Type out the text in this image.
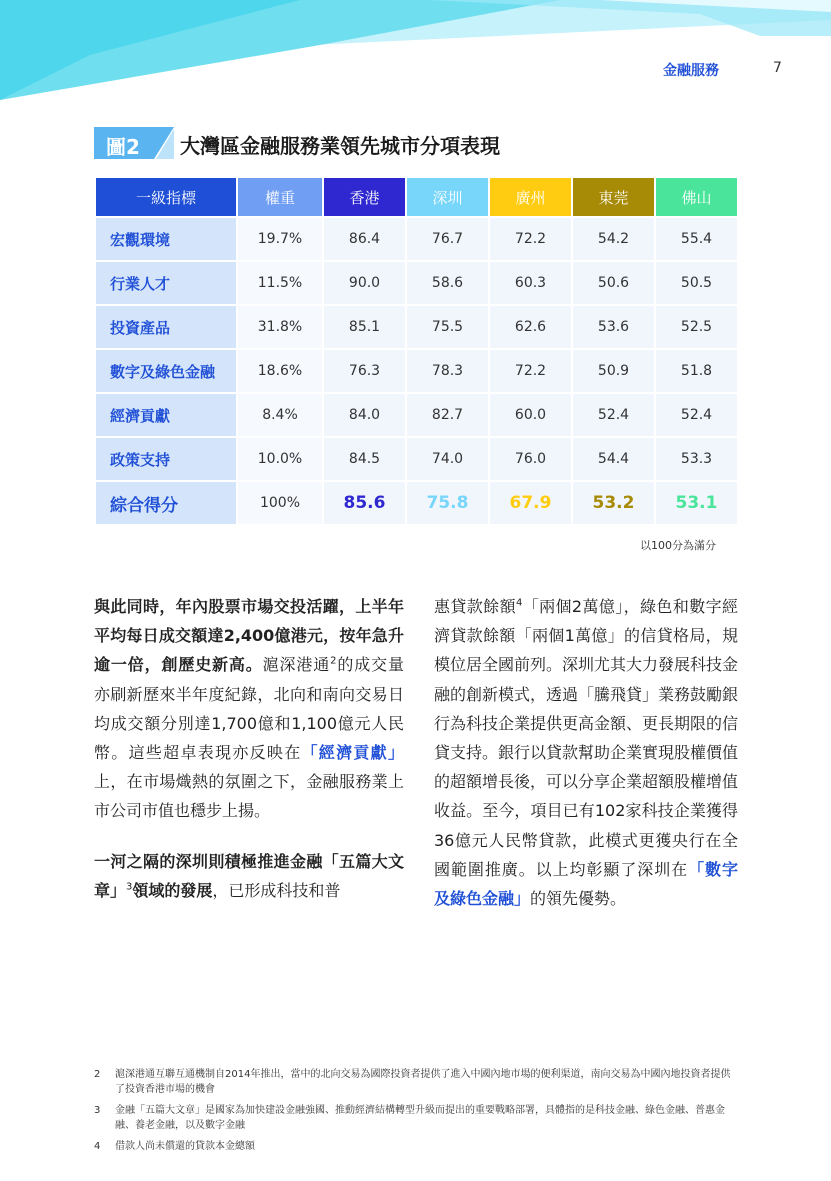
金融服務	7
圖2 大灣區金融服務業領先城市分項表現
一級指標	權重	香港	深圳	廣州	東莞	佛山
宏觀環境	19.7%	86.4	76.7	72.2	54.2	55.4
行業人才	11.5%	90.0	58.6	60.3	50.6	50.5
投資產品	31.8%	85.1	75.5	62.6	53.6	52.5
數字及綠色金融	18.6%	76.3	78.3	72.2	50.9	51.8
經濟貢獻	8.4%	84.0	82.7	60.0	52.4	52.4
政策支持	10.0%	84.5	74.0	76.0	54.4	53.3
綜合得分	100%	85.6	75.8	67.9	53.2	53.1
以100分為滿分

與此同時，年內股票市場交投活躍，上半年平均每日成交額達2,400億港元，按年急升逾一倍，創歷史新高。滬深港通$^2$的成交量亦刷新歷來半年度紀錄，北向和南向交易日均成交額分別達1,700億和1,100億元人民幣。這些超卓表現亦反映在「經濟貢獻」上，在市場熾熱的氛圍之下，金融服務業上市公司市值也穩步上揚。

一河之隔的深圳則積極推進金融「五篇大文章」$^3$領域的發展，已形成科技和普

惠貸款餘額$^4$「兩個2萬億」，綠色和數字經濟貸款餘額「兩個1萬億」的信貸格局，規模位居全國前列。深圳尤其大力發展科技金融的創新模式，透過「騰飛貸」業務鼓勵銀行為科技企業提供更高金額、更長期限的信貸支持。銀行以貸款幫助企業實現股權價值的超額增長後，可以分享企業超額股權增值收益。至今，項目已有102家科技企業獲得36億元人民幣貸款，此模式更獲央行在全國範圍推廣。以上均彰顯了深圳在「數字及綠色金融」的領先優勢。

2	滬深港通互聯互通機制自2014年推出，當中的北向交易為國際投資者提供了進入中國內地市場的便利渠道，南向交易為中國內地投資者提供了投資香港市場的機會
3	金融「五篇大文章」是國家為加快建設金融強國、推動經濟結構轉型升級而提出的重要戰略部署，具體指的是科技金融、綠色金融、普惠金融、養老金融，以及數字金融
4	借款人尚未償還的貸款本金總額
